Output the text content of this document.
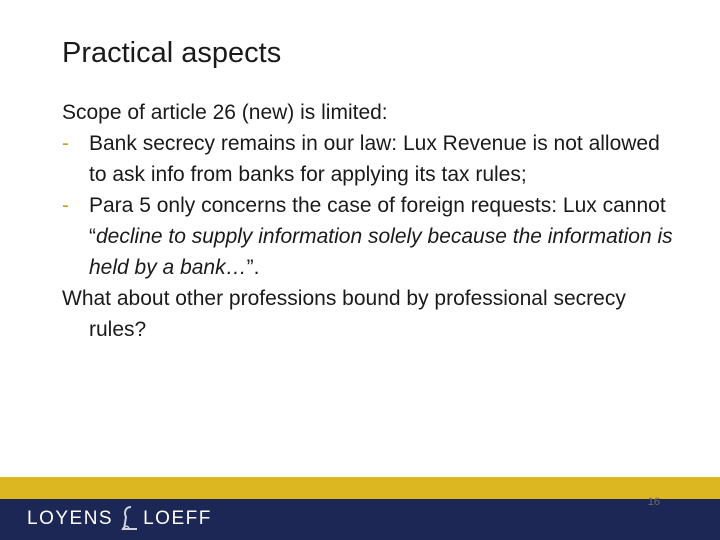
Practical aspects

Scope of article 26 (new) is limited:

- Bank secrecy remains in our law: Lux Revenue is not allowed to ask info from banks for applying its tax rules;

- Para 5 only concerns the case of foreign requests: Lux cannot “decline to supply information solely because the information is held by a bank…”.

What about other professions bound by professional secrecy rules?

LOYENS LOEFF
16
